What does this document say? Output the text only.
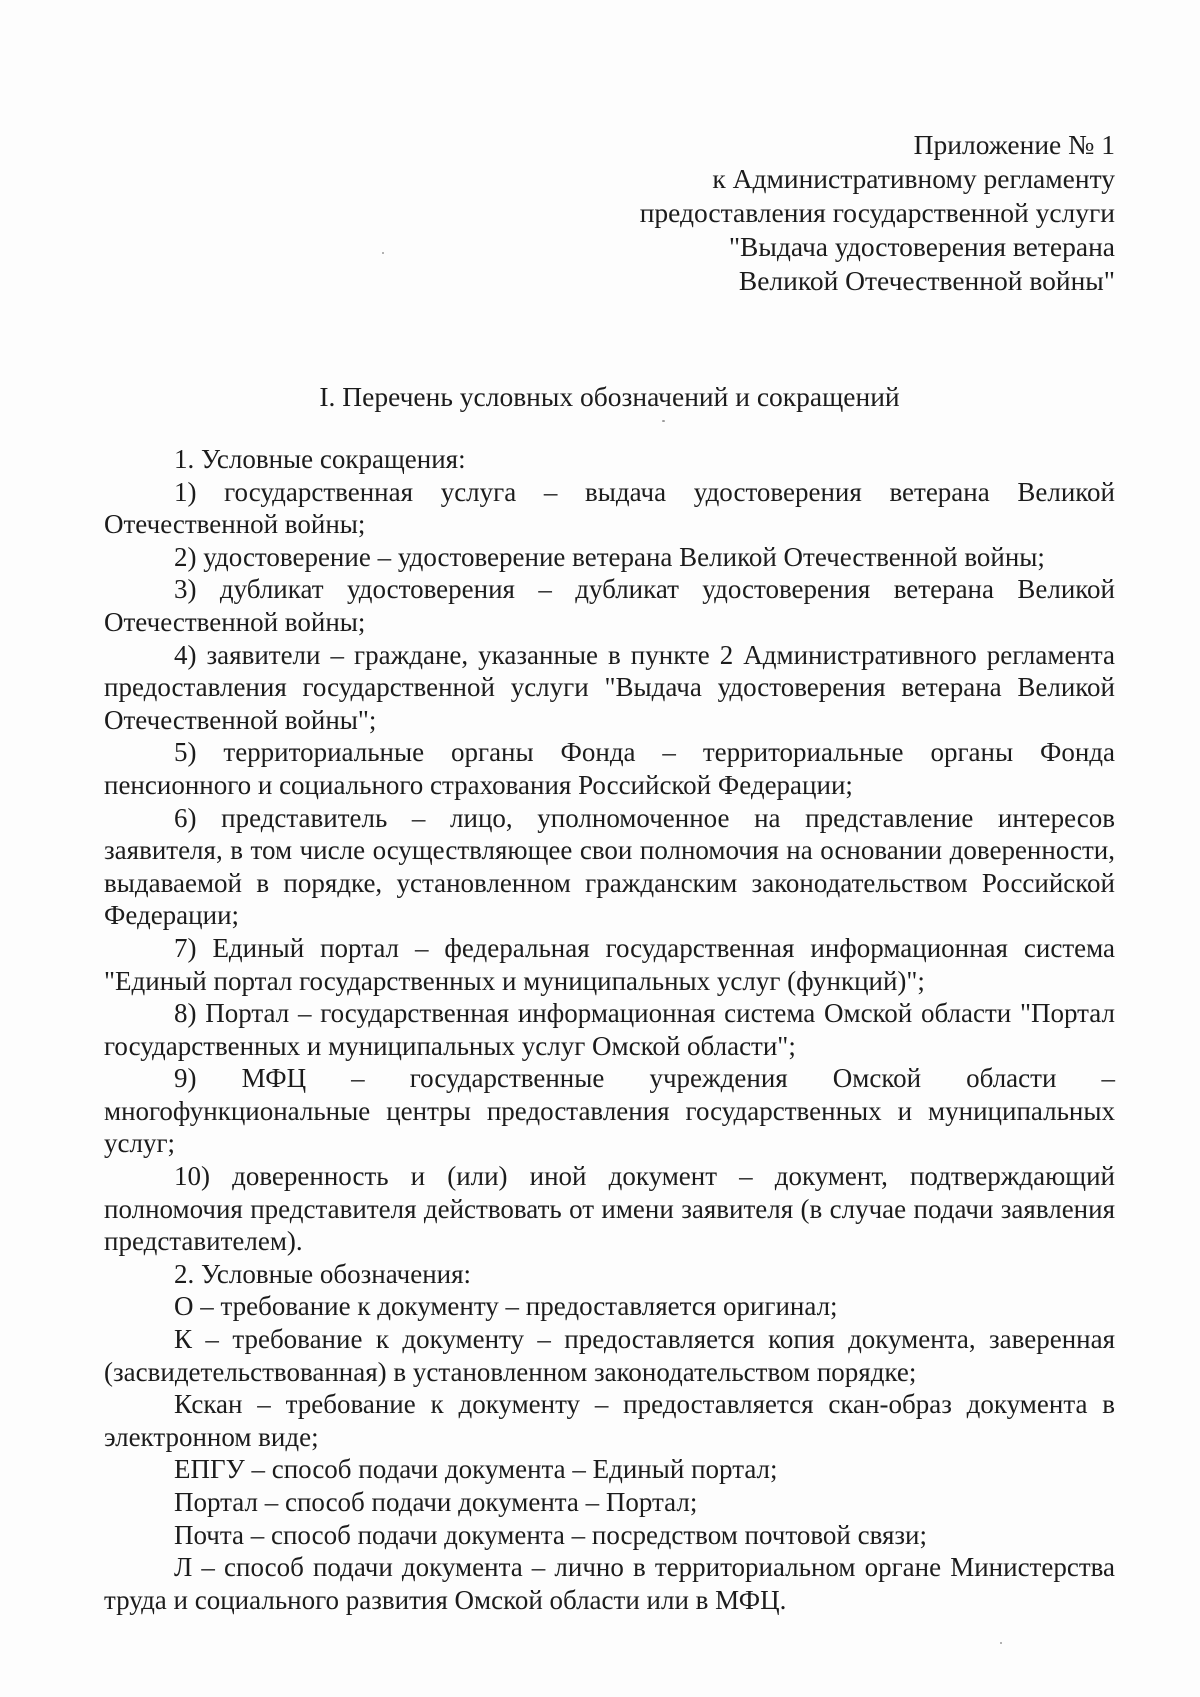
Приложение № 1
к Административному регламенту
предоставления государственной услуги
"Выдача удостоверения ветерана
Великой Отечественной войны"
I. Перечень условных обозначений и сокращений

1. Условные сокращения:

1) государственная услуга – выдача удостоверения ветерана Великой Отечественной войны;

2) удостоверение – удостоверение ветерана Великой Отечественной войны;

3) дубликат удостоверения – дубликат удостоверения ветерана Великой Отечественной войны;

4) заявители – граждане, указанные в пункте 2 Административного регламента предоставления государственной услуги "Выдача удостоверения ветерана Великой Отечественной войны";

5) территориальные органы Фонда – территориальные органы Фонда пенсионного и социального страхования Российской Федерации;

6) представитель – лицо, уполномоченное на представление интересов заявителя, в том числе осуществляющее свои полномочия на основании доверенности, выдаваемой в порядке, установленном гражданским законодательством Российской Федерации;

7) Единый портал – федеральная государственная информационная система "Единый портал государственных и муниципальных услуг (функций)";

8) Портал – государственная информационная система Омской области "Портал государственных и муниципальных услуг Омской области";

9) МФЦ – государственные учреждения Омской области – многофункциональные центры предоставления государственных и муниципальных услуг;

10) доверенность и (или) иной документ – документ, подтверждающий полномочия представителя действовать от имени заявителя (в случае подачи заявления представителем).

2. Условные обозначения:

О – требование к документу – предоставляется оригинал;

К – требование к документу – предоставляется копия документа, заверенная (засвидетельствованная) в установленном законодательством порядке;

Кскан – требование к документу – предоставляется скан-образ документа в электронном виде;

ЕПГУ – способ подачи документа – Единый портал;

Портал – способ подачи документа – Портал;

Почта – способ подачи документа – посредством почтовой связи;

Л – способ подачи документа – лично в территориальном органе Министерства труда и социального развития Омской области или в МФЦ.
